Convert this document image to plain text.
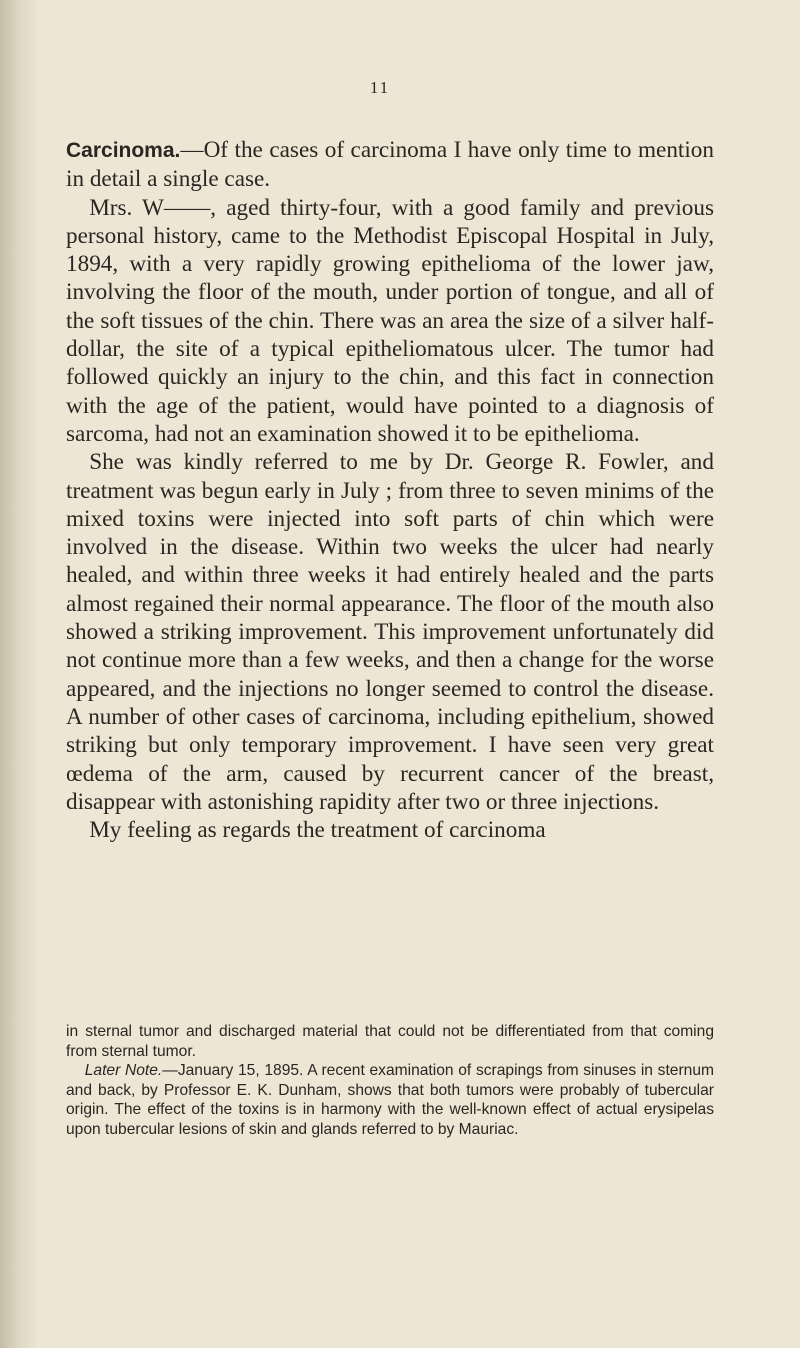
11

Carcinoma.—Of the cases of carcinoma I have only time to mention in detail a single case.

Mrs. W——, aged thirty-four, with a good family and previous personal history, came to the Methodist Episcopal Hospital in July, 1894, with a very rapidly growing epithelioma of the lower jaw, involving the floor of the mouth, under portion of tongue, and all of the soft tissues of the chin. There was an area the size of a silver half-dollar, the site of a typical epitheliomatous ulcer. The tumor had followed quickly an injury to the chin, and this fact in connection with the age of the patient, would have pointed to a diagnosis of sarcoma, had not an examination showed it to be epithelioma.

She was kindly referred to me by Dr. George R. Fowler, and treatment was begun early in July ; from three to seven minims of the mixed toxins were injected into soft parts of chin which were involved in the disease. Within two weeks the ulcer had nearly healed, and within three weeks it had entirely healed and the parts almost regained their normal appearance. The floor of the mouth also showed a striking improvement. This improvement unfortunately did not continue more than a few weeks, and then a change for the worse appeared, and the injections no longer seemed to control the disease. A number of other cases of carcinoma, including epithelium, showed striking but only temporary improvement. I have seen very great œdema of the arm, caused by recurrent cancer of the breast, disappear with astonishing rapidity after two or three injections.

My feeling as regards the treatment of carcinoma

in sternal tumor and discharged material that could not be differentiated from that coming from sternal tumor.

Later Note.—January 15, 1895. A recent examination of scrapings from sinuses in sternum and back, by Professor E. K. Dunham, shows that both tumors were probably of tubercular origin. The effect of the toxins is in harmony with the well-known effect of actual erysipelas upon tubercular lesions of skin and glands referred to by Mauriac.
